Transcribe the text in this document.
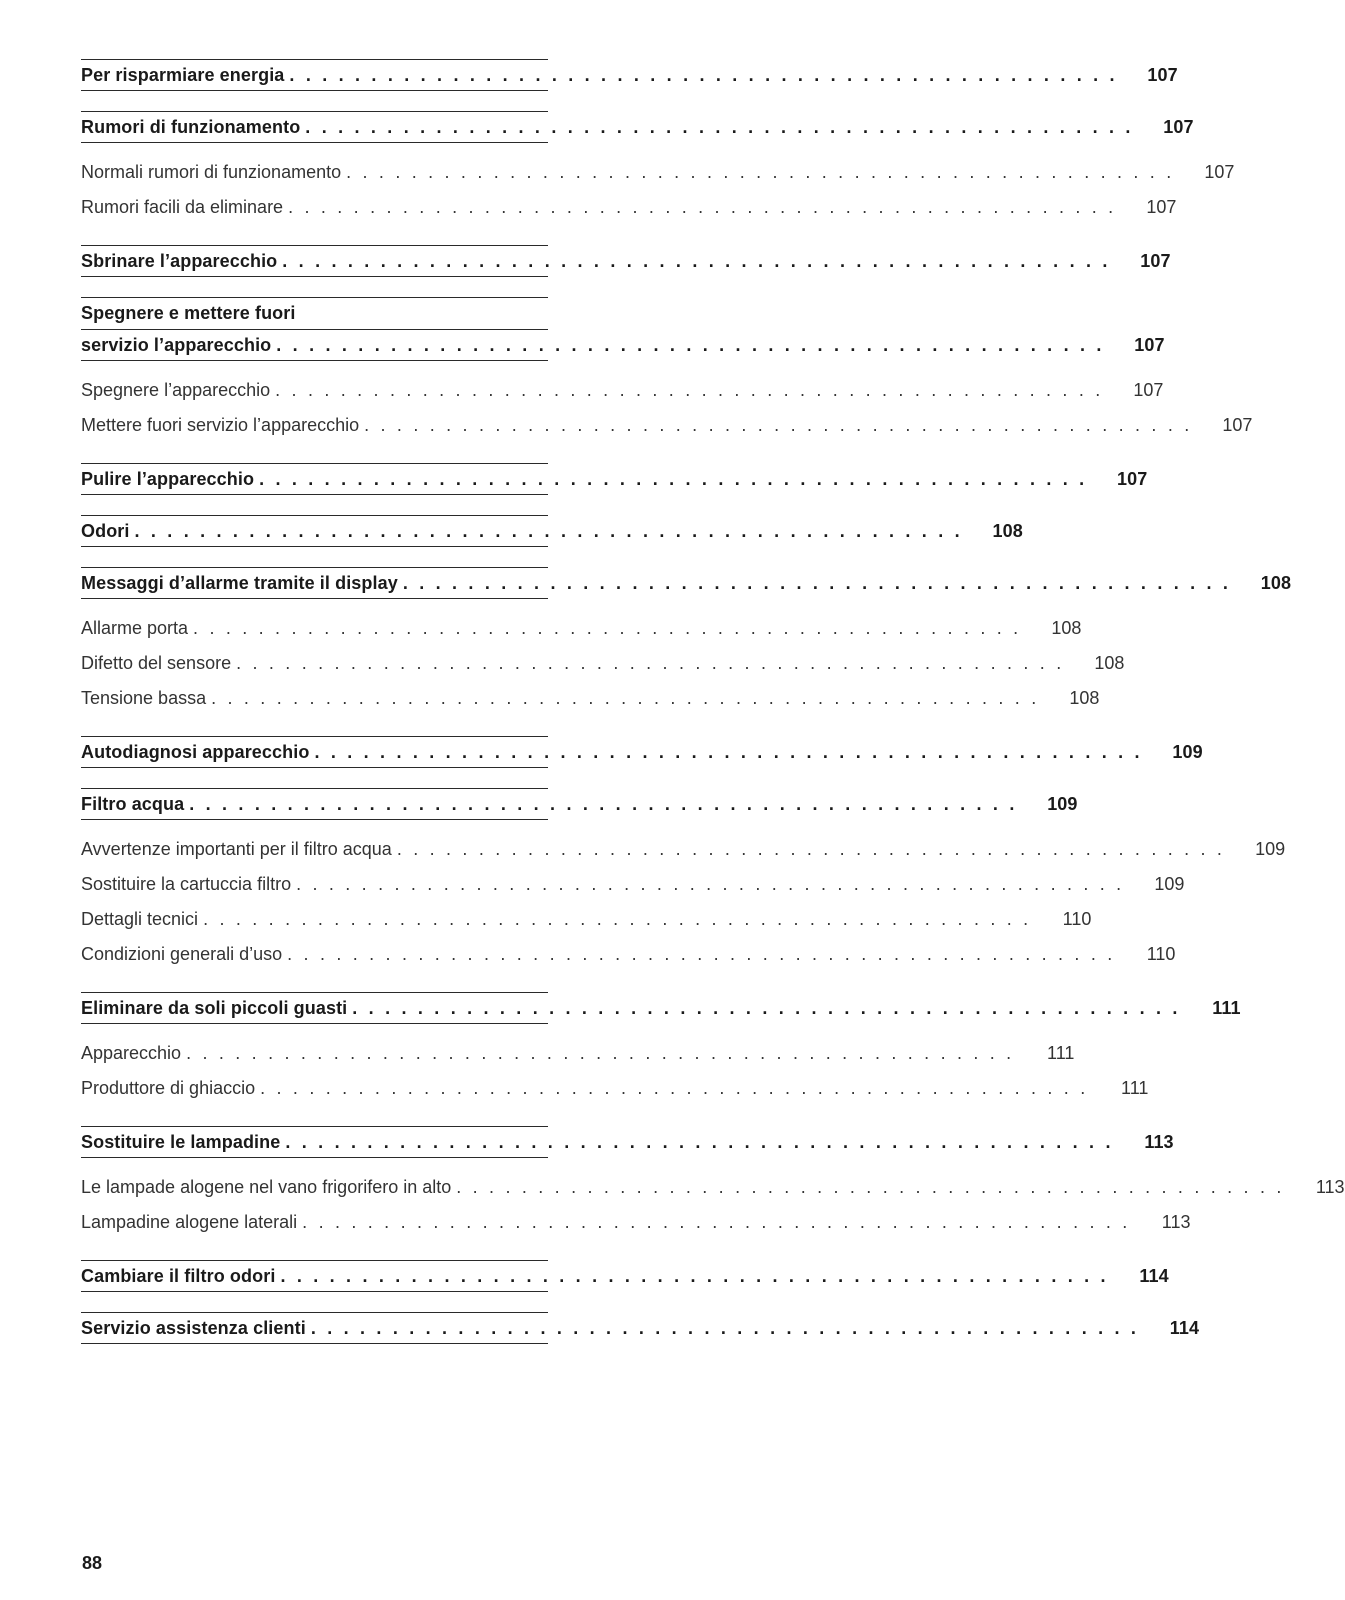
Per risparmiare energia . . . . . . . . . . . . . . . . . . . . . . . . . . . . . . . . . . . . . . . . . . . . . . . . . . .	107
Rumori di funzionamento . . . . . . . . . . . . . . . . . . . . . . . . . . . . . . . . . . . . . . . . . . . . . . . . . . .	107
Normali rumori di funzionamento . . . . . . . . . . . . . . . . . . . . . . . . . . . . . . . . . . . . . . . . . . . . . . . . . . .	107
Rumori facili da eliminare . . . . . . . . . . . . . . . . . . . . . . . . . . . . . . . . . . . . . . . . . . . . . . . . . . .	107
Sbrinare l’apparecchio . . . . . . . . . . . . . . . . . . . . . . . . . . . . . . . . . . . . . . . . . . . . . . . . . . .	107
Spegnere e mettere fuori
servizio l’apparecchio . . . . . . . . . . . . . . . . . . . . . . . . . . . . . . . . . . . . . . . . . . . . . . . . . . .	107
Spegnere l’apparecchio . . . . . . . . . . . . . . . . . . . . . . . . . . . . . . . . . . . . . . . . . . . . . . . . . . .	107
Mettere fuori servizio l’apparecchio . . . . . . . . . . . . . . . . . . . . . . . . . . . . . . . . . . . . . . . . . . . . . . . . . . .	107
Pulire l’apparecchio . . . . . . . . . . . . . . . . . . . . . . . . . . . . . . . . . . . . . . . . . . . . . . . . . . .	107
Odori . . . . . . . . . . . . . . . . . . . . . . . . . . . . . . . . . . . . . . . . . . . . . . . . . . .	108
Messaggi d’allarme tramite il display . . . . . . . . . . . . . . . . . . . . . . . . . . . . . . . . . . . . . . . . . . . . . . . . . . .	108
Allarme porta . . . . . . . . . . . . . . . . . . . . . . . . . . . . . . . . . . . . . . . . . . . . . . . . . . .	108
Difetto del sensore . . . . . . . . . . . . . . . . . . . . . . . . . . . . . . . . . . . . . . . . . . . . . . . . . . .	108
Tensione bassa . . . . . . . . . . . . . . . . . . . . . . . . . . . . . . . . . . . . . . . . . . . . . . . . . . .	108
Autodiagnosi apparecchio . . . . . . . . . . . . . . . . . . . . . . . . . . . . . . . . . . . . . . . . . . . . . . . . . . .	109
Filtro acqua . . . . . . . . . . . . . . . . . . . . . . . . . . . . . . . . . . . . . . . . . . . . . . . . . . .	109
Avvertenze importanti per il filtro acqua . . . . . . . . . . . . . . . . . . . . . . . . . . . . . . . . . . . . . . . . . . . . . . . . . . .	109
Sostituire la cartuccia filtro . . . . . . . . . . . . . . . . . . . . . . . . . . . . . . . . . . . . . . . . . . . . . . . . . . .	109
Dettagli tecnici . . . . . . . . . . . . . . . . . . . . . . . . . . . . . . . . . . . . . . . . . . . . . . . . . . .	110
Condizioni generali d’uso . . . . . . . . . . . . . . . . . . . . . . . . . . . . . . . . . . . . . . . . . . . . . . . . . . .	110
Eliminare da soli piccoli guasti . . . . . . . . . . . . . . . . . . . . . . . . . . . . . . . . . . . . . . . . . . . . . . . . . . .	111
Apparecchio . . . . . . . . . . . . . . . . . . . . . . . . . . . . . . . . . . . . . . . . . . . . . . . . . . .	111
Produttore di ghiaccio . . . . . . . . . . . . . . . . . . . . . . . . . . . . . . . . . . . . . . . . . . . . . . . . . . .	111
Sostituire le lampadine . . . . . . . . . . . . . . . . . . . . . . . . . . . . . . . . . . . . . . . . . . . . . . . . . . .	113
Le lampade alogene nel vano frigorifero in alto . . . . . . . . . . . . . . . . . . . . . . . . . . . . . . . . . . . . . . . . . . . . . . . . . . .	113
Lampadine alogene laterali . . . . . . . . . . . . . . . . . . . . . . . . . . . . . . . . . . . . . . . . . . . . . . . . . . .	113
Cambiare il filtro odori . . . . . . . . . . . . . . . . . . . . . . . . . . . . . . . . . . . . . . . . . . . . . . . . . . .	114
Servizio assistenza clienti . . . . . . . . . . . . . . . . . . . . . . . . . . . . . . . . . . . . . . . . . . . . . . . . . . .	114
88
